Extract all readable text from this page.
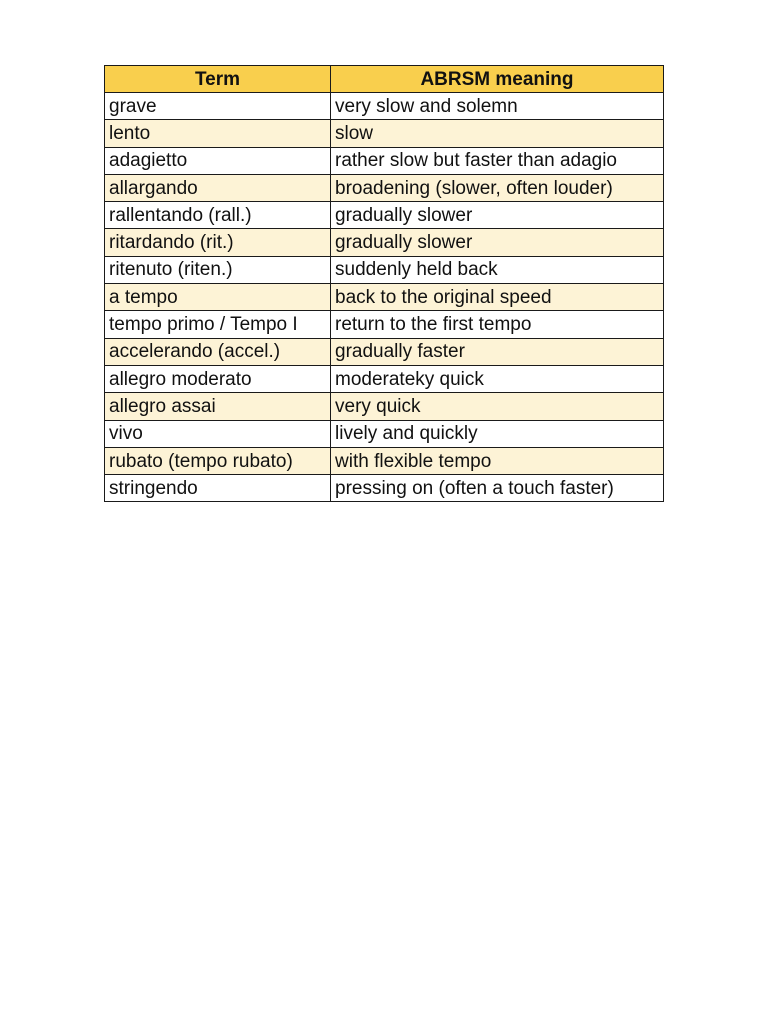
Term	ABRSM meaning
grave	very slow and solemn
lento	slow
adagietto	rather slow but faster than adagio
allargando	broadening (slower, often louder)
rallentando (rall.)	gradually slower
ritardando (rit.)	gradually slower
ritenuto (riten.)	suddenly held back
a tempo	back to the original speed
tempo primo / Tempo I	return to the first tempo
accelerando (accel.)	gradually faster
allegro moderato	moderateky quick
allegro assai	very quick
vivo	lively and quickly
rubato (tempo rubato)	with flexible tempo
stringendo	pressing on (often a touch faster)
